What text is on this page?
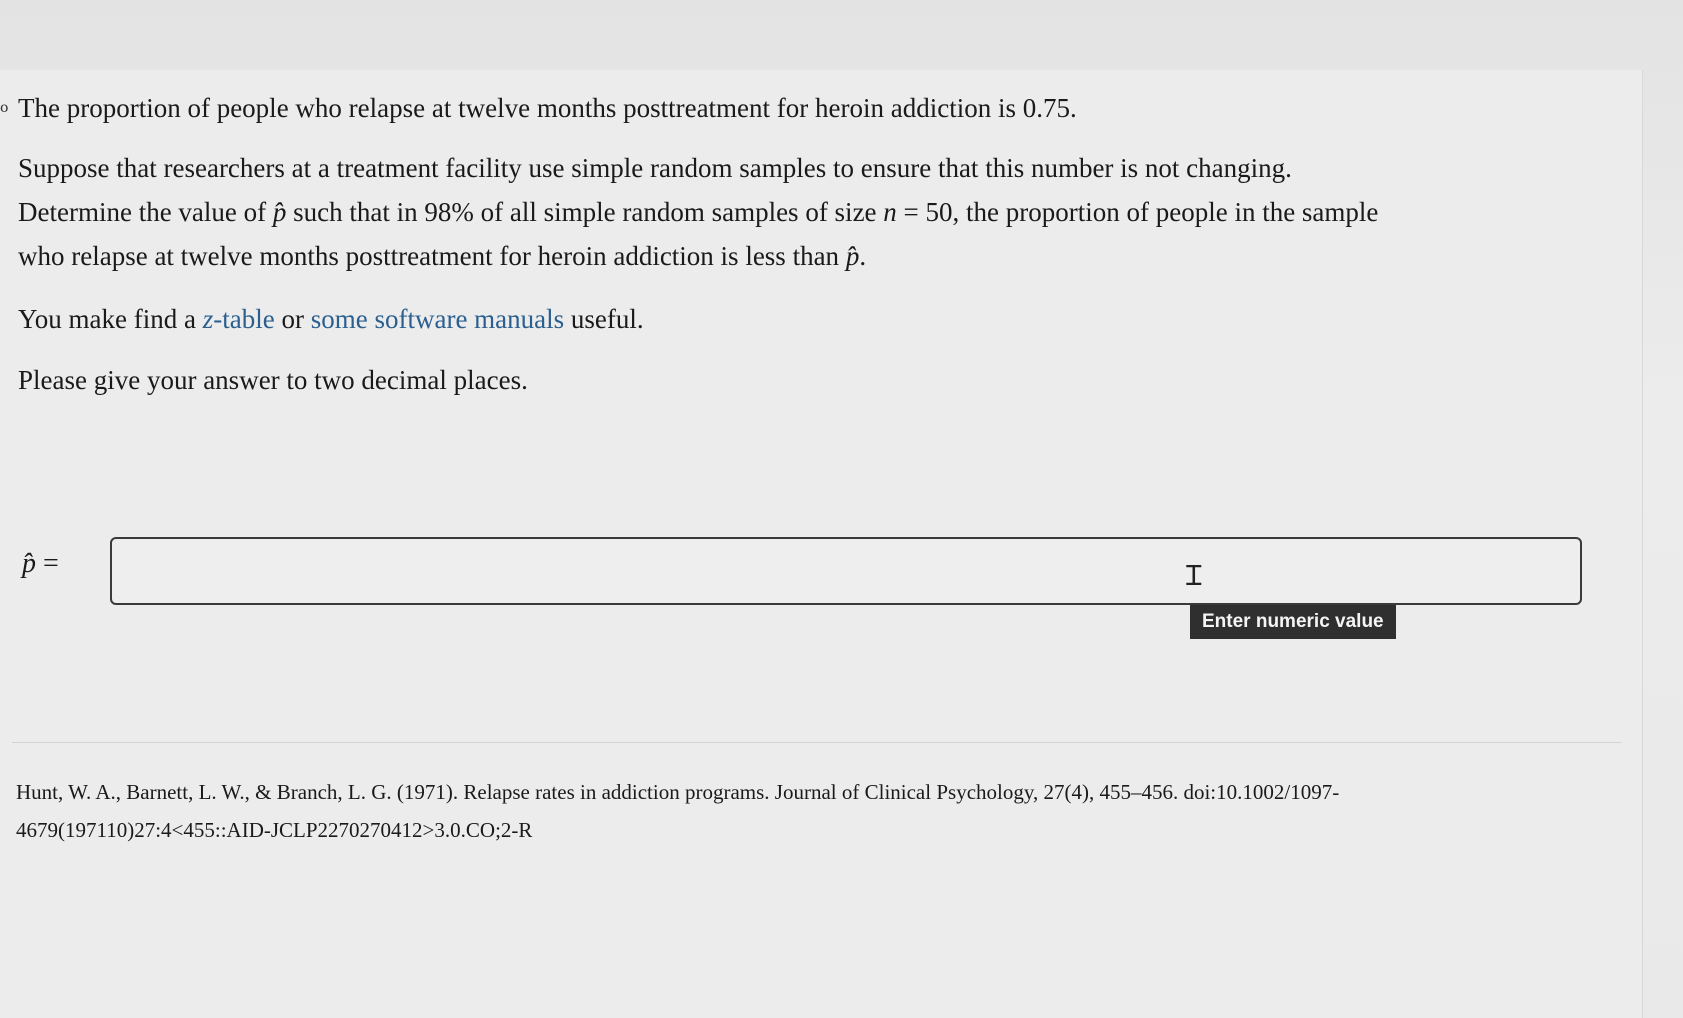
o The proportion of people who relapse at twelve months posttreatment for heroin addiction is 0.75.
Suppose that researchers at a treatment facility use simple random samples to ensure that this number is not changing.
Determine the value of p̂ such that in 98% of all simple random samples of size n = 50, the proportion of people in the sample
who relapse at twelve months posttreatment for heroin addiction is less than p̂.
You make find a z-table or some software manuals useful.
Please give your answer to two decimal places.
p̂ =	Ɪ
Enter numeric value
Hunt, W. A., Barnett, L. W., & Branch, L. G. (1971). Relapse rates in addiction programs. Journal of Clinical Psychology, 27(4), 455–456. doi:10.1002/1097-
4679(197110)27:4<455::AID-JCLP2270270412>3.0.CO;2-R
